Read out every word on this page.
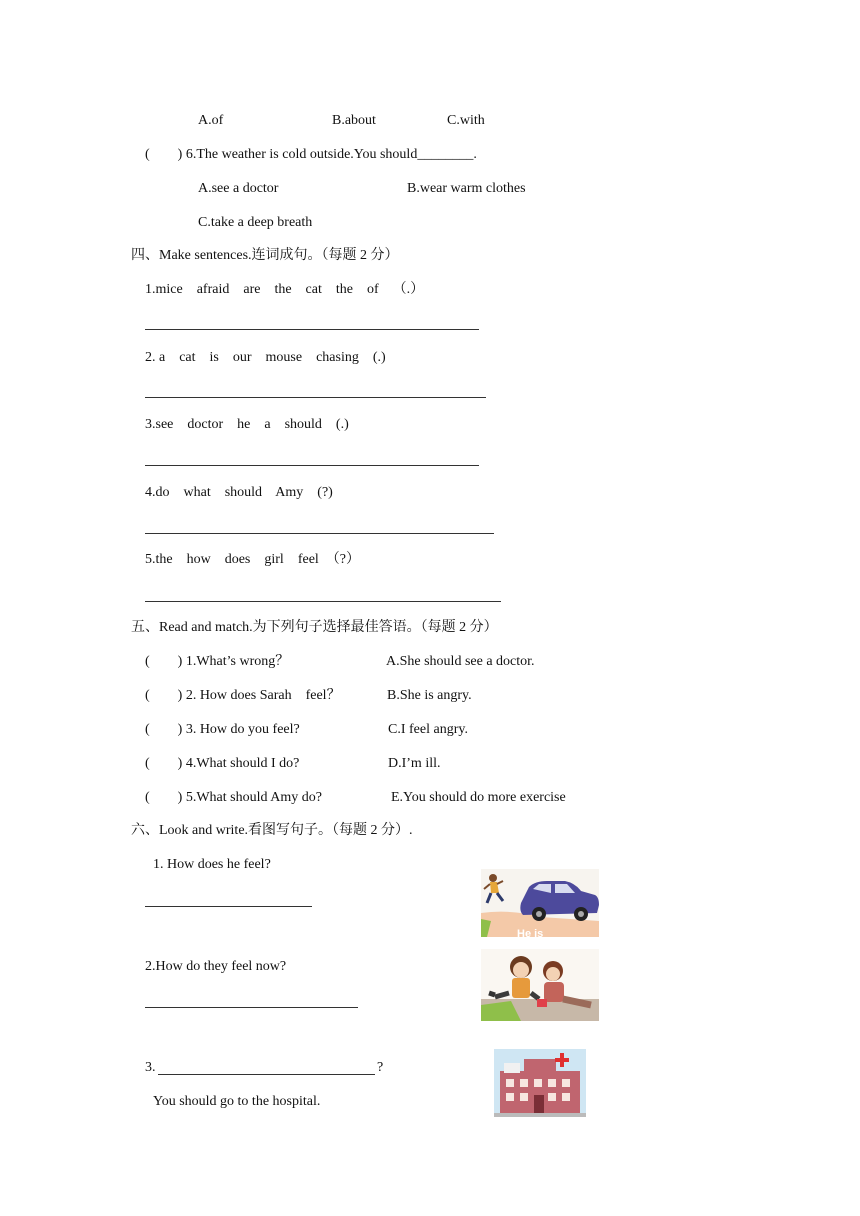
A.of	B.about	C.with
(        ) 6.The weather is cold outside.You should________.
A.see a doctor	B.wear warm clothes
C.take a deep breath
四、Make sentences.连词成句。（每题 2 分）
1.mice    afraid    are    the    cat    the    of    （.）
2. a    cat    is    our    mouse    chasing    (.)
3.see    doctor    he    a    should    (.)
4.do    what    should    Amy    (?)
5.the    how    does    girl    feel  （?）
五、Read and match.为下列句子选择最佳答语。（每题 2 分）
(        ) 1.What’s wrong？	A.She should see a doctor.
(        ) 2. How does Sarah    feel？	B.She is angry.
(        ) 3. How do you feel?	C.I feel angry.
(        ) 4.What should I do?	D.I’m ill.
(        ) 5.What should Amy do?	E.You should do more exercise
六、Look and write.看图写句子。（每题 2 分）.
1. How does he feel?
He is
2.How do they feel now?
3.	?
You should go to the hospital.
